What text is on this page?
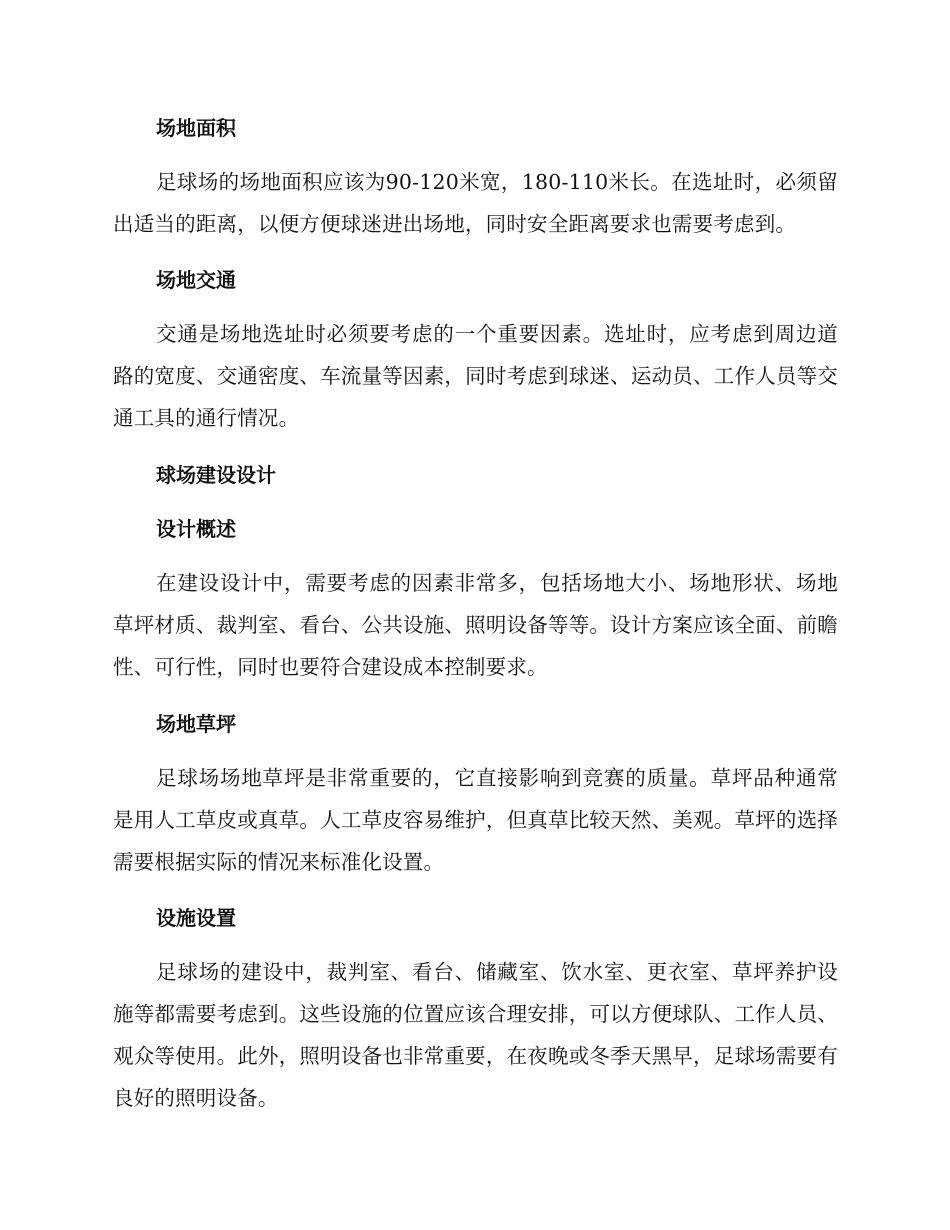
场地面积
足球场的场地面积应该为90-120米宽，180-110米长。在选址时，必须留出适当的距离，以便方便球迷进出场地，同时安全距离要求也需要考虑到。
场地交通
交通是场地选址时必须要考虑的一个重要因素。选址时，应考虑到周边道路的宽度、交通密度、车流量等因素，同时考虑到球迷、运动员、工作人员等交通工具的通行情况。
球场建设设计
设计概述
在建设设计中，需要考虑的因素非常多，包括场地大小、场地形状、场地草坪材质、裁判室、看台、公共设施、照明设备等等。设计方案应该全面、前瞻性、可行性，同时也要符合建设成本控制要求。
场地草坪
足球场场地草坪是非常重要的，它直接影响到竞赛的质量。草坪品种通常是用人工草皮或真草。人工草皮容易维护，但真草比较天然、美观。草坪的选择需要根据实际的情况来标准化设置。
设施设置
足球场的建设中，裁判室、看台、储藏室、饮水室、更衣室、草坪养护设施等都需要考虑到。这些设施的位置应该合理安排，可以方便球队、工作人员、观众等使用。此外，照明设备也非常重要，在夜晚或冬季天黑早，足球场需要有良好的照明设备。
